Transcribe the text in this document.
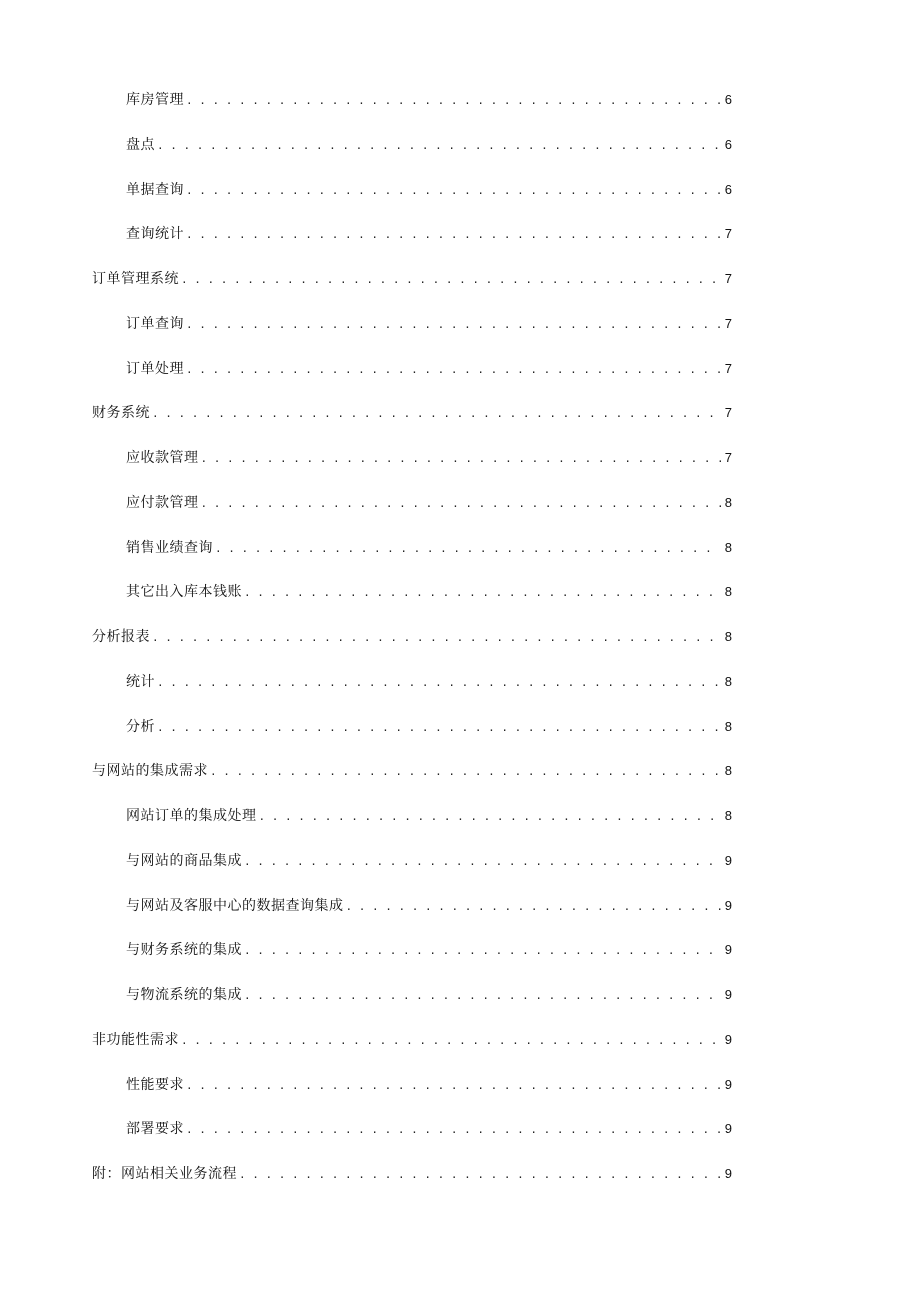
库房管理 . . .	6
盘点 . . .	6
单据查询 . . .	6
查询统计 . . .	7
订单管理系统 . . .	7
订单查询 . . .	7
订单处理 . . .	7
财务系统 . . .	7
应收款管理 . . .	7
应付款管理 . . .	8
销售业绩查询 . . .	8
其它出入库本钱账 . . .	8
分析报表 . . .	8
统计 . . .	8
分析 . . .	8
与网站的集成需求 . . .	8
网站订单的集成处理 . . .	8
与网站的商品集成 . . .	9
与网站及客服中心的数据查询集成 . . .	9
与财务系统的集成 . . .	9
与物流系统的集成 . . .	9
非功能性需求 . . .	9
性能要求 . . .	9
部署要求 . . .	9
附：网站相关业务流程 . . .	9
